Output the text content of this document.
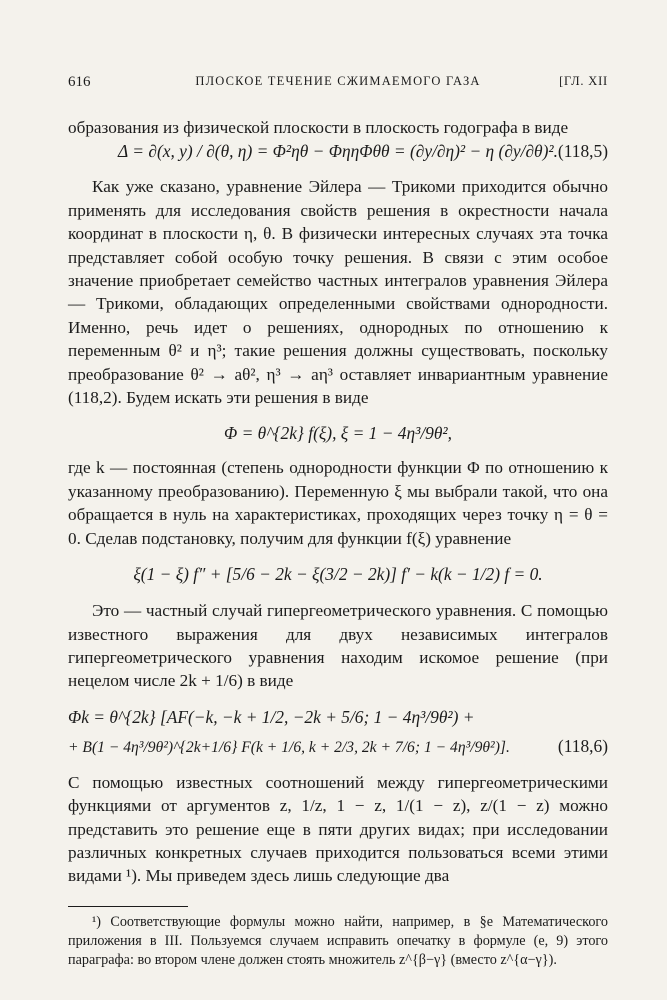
616	ПЛОСКОЕ ТЕЧЕНИЕ СЖИМАЕМОГО ГАЗА	[ГЛ. XII

образования из физической плоскости в плоскость годографа в виде

Δ = ∂(x, y) / ∂(θ, η) = Φ²ηθ − ΦηηΦθθ = (∂y/∂η)² − η (∂y/∂θ)². (118,5)

Как уже сказано, уравнение Эйлера — Трикоми приходится обычно применять для исследования свойств решения в окрестности начала координат в плоскости η, θ. В физически интересных случаях эта точка представляет собой особую точку решения. В связи с этим особое значение приобретает семейство частных интегралов уравнения Эйлера — Трикоми, обладающих определенными свойствами однородности. Именно, речь идет о решениях, однородных по отношению к переменным θ² и η³; такие решения должны существовать, поскольку преобразование θ² → aθ², η³ → aη³ оставляет инвариантным уравнение (118,2). Будем искать эти решения в виде

Φ = θ^{2k} f(ξ), ξ = 1 − 4η³/9θ²,

где k — постоянная (степень однородности функции Φ по отношению к указанному преобразованию). Переменную ξ мы выбрали такой, что она обращается в нуль на характеристиках, проходящих через точку η = θ = 0. Сделав подстановку, получим для функции f(ξ) уравнение

ξ(1 − ξ) f″ + [5/6 − 2k − ξ(3/2 − 2k)] f′ − k(k − 1/2) f = 0.

Это — частный случай гипергеометрического уравнения. С помощью известного выражения для двух независимых интегралов гипергеометрического уравнения находим искомое решение (при нецелом числе 2k + 1/6) в виде

Φk = θ^{2k} [AF(−k, −k + 1/2, −2k + 5/6; 1 − 4η³/9θ²) +
+ B(1 − 4η³/9θ²)^{2k+1/6} F(k + 1/6, k + 2/3, 2k + 7/6; 1 − 4η³/9θ²)].	(118,6)

С помощью известных соотношений между гипергеометрическими функциями от аргументов z, 1/z, 1 − z, 1/(1 − z), z/(1 − z) можно представить это решение еще в пяти других видах; при исследовании различных конкретных случаев приходится пользоваться всеми этими видами ¹). Мы приведем здесь лишь следующие два

¹) Соответствующие формулы можно найти, например, в §е Математического приложения в III. Пользуемся случаем исправить опечатку в формуле (е, 9) этого параграфа: во втором члене должен стоять множитель z^{β−γ} (вместо z^{α−γ}).
